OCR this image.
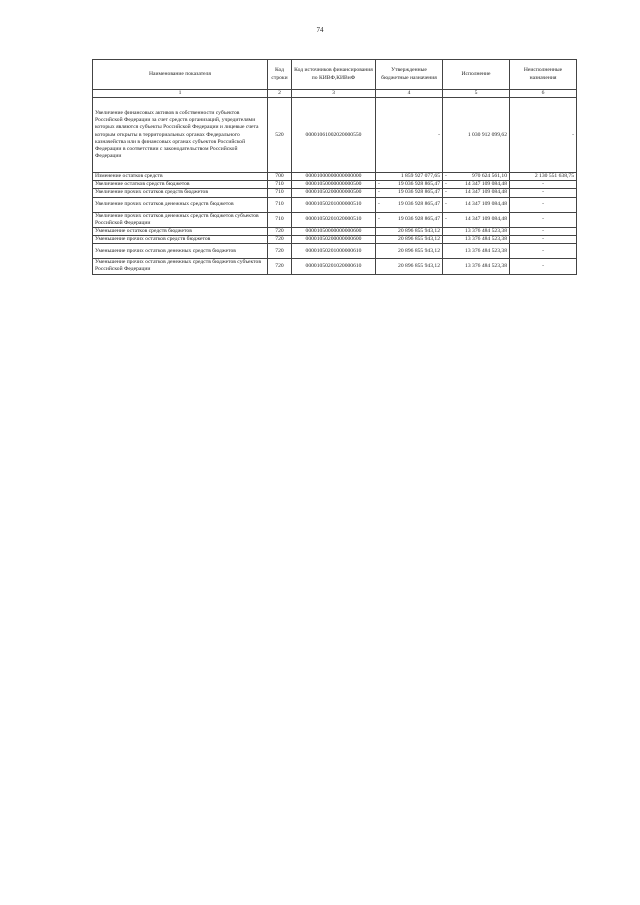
74
Наименование показателя	Код строки	Код источников финансирования по КИВФ,КИВнФ	Утвержденные бюджетные назначения	Исполнение	Неисполненные назначения
1	2	3	4	5	6
Увеличение финансовых активов в собственности субъектов Российской Федерации за счет средств организаций, учредителями которых являются субъекты Российской Федерации и лицевые счета которым открыты в территориальных органах Федерального казначейства или в финансовых органах субъектов Российской Федерации в соответствии с законодательством Российской Федерации	520	00001061002020000550	-	1 030 912 099,62	-
Изменение остатков средств	700	00001000000000000000	1 859 927 077,65	- 970 624 561,10	2 130 551 638,75
Увеличение остатков средств бюджетов	710	00001050000000000500	- 19 036 928 865,47	- 14 347 109 084,48	-
Увеличение прочих остатков средств бюджетов	710	00001050200000000500	- 19 036 928 865,47	- 14 347 109 084,48	-
Увеличение прочих остатков денежных средств бюджетов	710	00001050201000000510	- 19 036 928 865,47	- 14 347 109 084,48	-
Увеличение прочих остатков денежных средств бюджетов субъектов Российской Федерации	710	00001050201020000510	- 19 036 928 865,47	- 14 347 109 084,48	-
Уменьшение остатков средств бюджетов	720	00001050000000000600	20 896 855 943,12	13 376 484 523,38	-
Уменьшение прочих остатков средств бюджетов	720	00001050200000000600	20 896 855 943,12	13 376 484 523,38	-
Уменьшение прочих остатков денежных средств бюджетов	720	00001050201000000610	20 896 855 943,12	13 376 484 523,38	-
Уменьшение прочих остатков денежных средств бюджетов субъектов Российской Федерации	720	00001050201020000610	20 896 855 943,12	13 376 484 523,38	-
